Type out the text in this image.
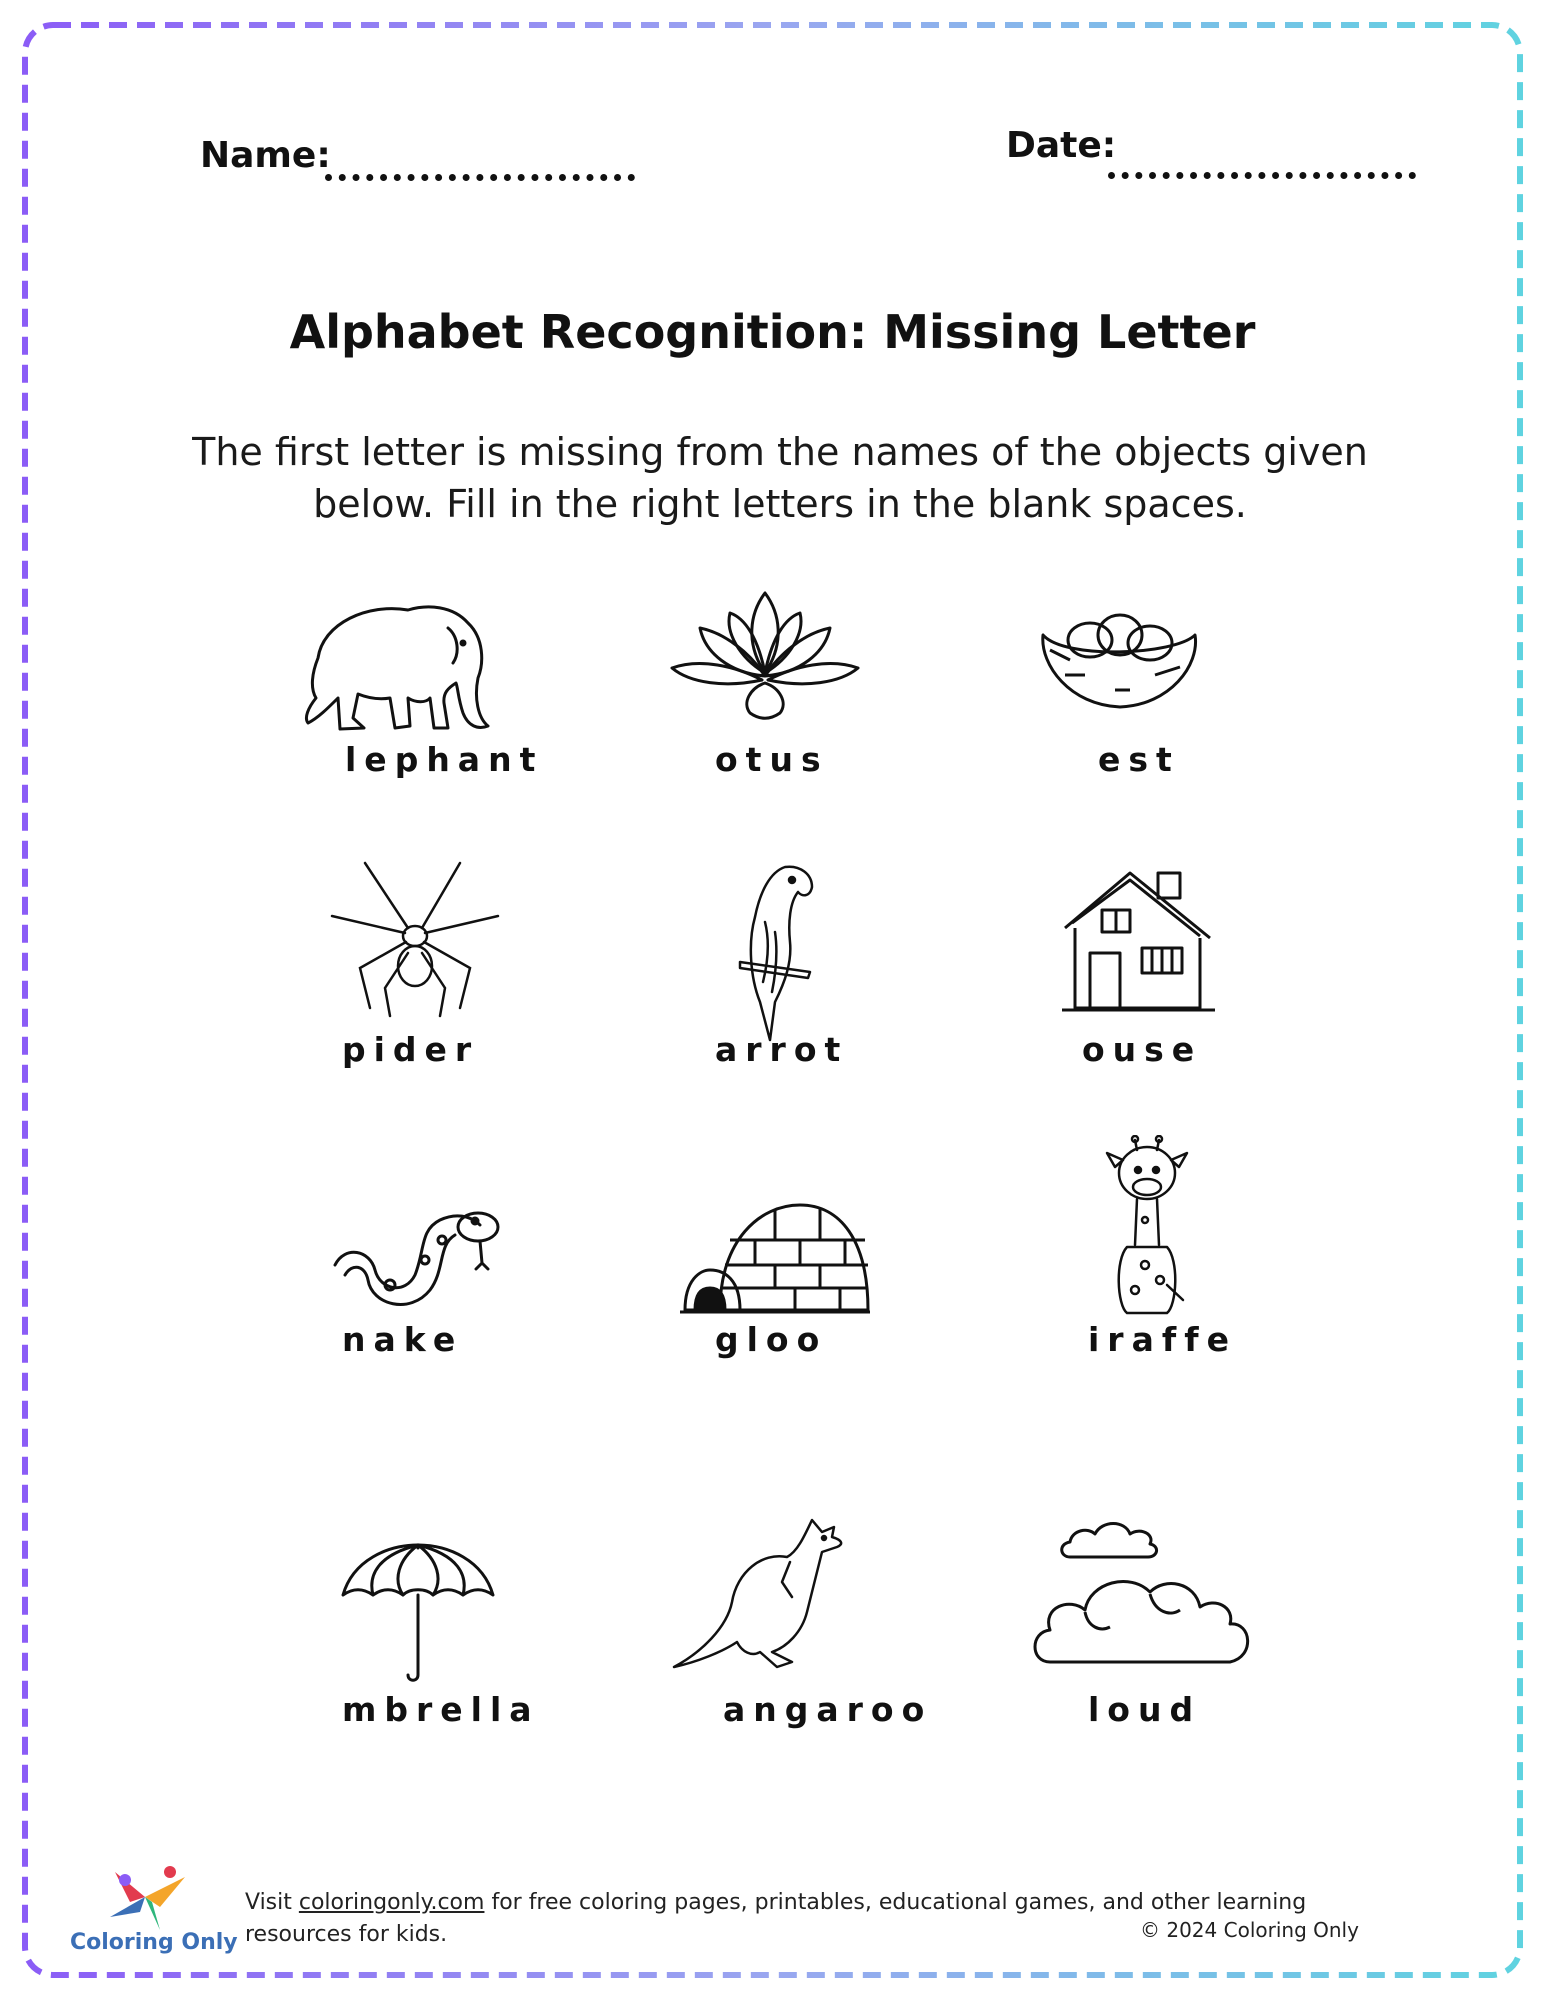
Name:	Date:
Alphabet Recognition: Missing Letter
The first letter is missing from the names of the objects given below. Fill in the right letters in the blank spaces.
lephant	otus	est
pider	arrot	ouse
nake	gloo	iraffe
mbrella	angaroo	loud
Coloring Only
Visit coloringonly.com for free coloring pages, printables, educational games, and other learning resources for kids.	© 2024 Coloring Only
